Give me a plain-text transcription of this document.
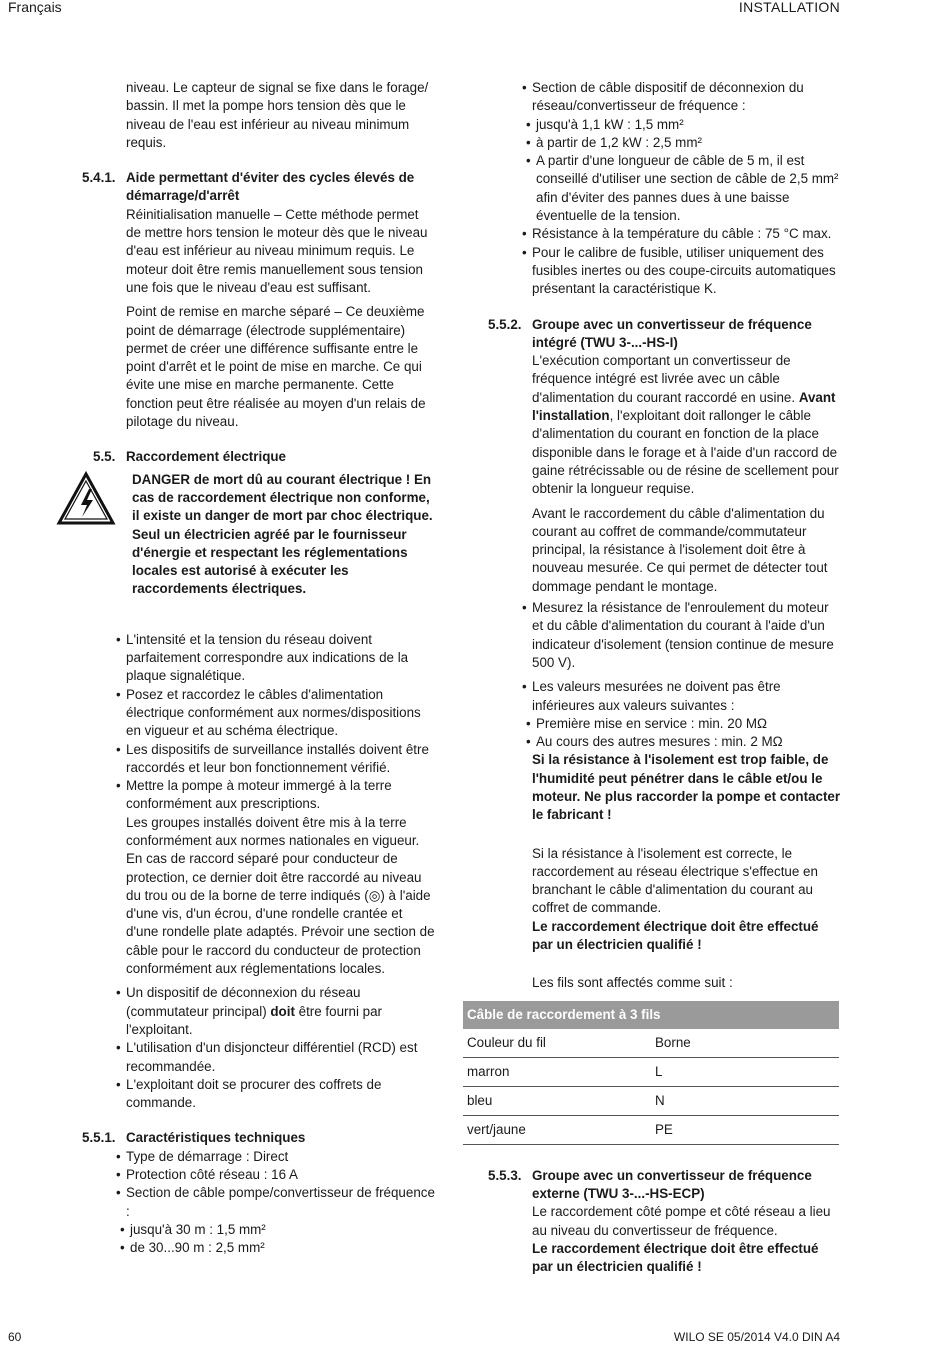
Français	INSTALLATION

niveau. Le capteur de signal se fixe dans le forage/ bassin. Il met la pompe hors tension dès que le niveau de l'eau est inférieur au niveau minimum requis.

5.4.1. Aide permettant d'éviter des cycles élevés de démarrage/d'arrêt

Réinitialisation manuelle – Cette méthode permet de mettre hors tension le moteur dès que le niveau d'eau est inférieur au niveau minimum requis. Le moteur doit être remis manuellement sous tension une fois que le niveau d'eau est suffisant.

Point de remise en marche séparé – Ce deuxième point de démarrage (électrode supplémentaire) permet de créer une différence suffisante entre le point d'arrêt et le point de mise en marche. Ce qui évite une mise en marche permanente. Cette fonction peut être réalisée au moyen d'un relais de pilotage du niveau.

5.5. Raccordement électrique
DANGER de mort dû au courant électrique ! En cas de raccordement électrique non conforme, il existe un danger de mort par choc électrique. Seul un électricien agréé par le fournisseur d'énergie et respectant les réglementations locales est autorisé à exécuter les raccordements électriques.
• L'intensité et la tension du réseau doivent parfaitement correspondre aux indications de la plaque signalétique.
• Posez et raccordez le câbles d'alimentation électrique conformément aux normes/dispositions en vigueur et au schéma électrique.
• Les dispositifs de surveillance installés doivent être raccordés et leur bon fonctionnement vérifié.
• Mettre la pompe à moteur immergé à la terre conformément aux prescriptions.
Les groupes installés doivent être mis à la terre conformément aux normes nationales en vigueur. En cas de raccord séparé pour conducteur de protection, ce dernier doit être raccordé au niveau du trou ou de la borne de terre indiqués (◎) à l'aide d'une vis, d'un écrou, d'une rondelle crantée et d'une rondelle plate adaptés. Prévoir une section de câble pour le raccord du conducteur de protection conformément aux réglementations locales.
• Un dispositif de déconnexion du réseau (commutateur principal) doit être fourni par l'exploitant.
• L'utilisation d'un disjoncteur différentiel (RCD) est recommandée.
• L'exploitant doit se procurer des coffrets de commande.
5.5.1. Caractéristiques techniques
• Type de démarrage : Direct
• Protection côté réseau : 16 A
• Section de câble pompe/convertisseur de fréquence :
• jusqu'à 30 m : 1,5 mm²
• de 30...90 m : 2,5 mm²
• Section de câble dispositif de déconnexion du réseau/convertisseur de fréquence :
• jusqu'à 1,1 kW : 1,5 mm²
• à partir de 1,2 kW : 2,5 mm²
• A partir d'une longueur de câble de 5 m, il est conseillé d'utiliser une section de câble de 2,5 mm² afin d'éviter des pannes dues à une baisse éventuelle de la tension.
• Résistance à la température du câble : 75 °C max.
• Pour le calibre de fusible, utiliser uniquement des fusibles inertes ou des coupe-circuits automatiques présentant la caractéristique K.
5.5.2. Groupe avec un convertisseur de fréquence intégré (TWU 3-...-HS-I)

L'exécution comportant un convertisseur de fréquence intégré est livrée avec un câble d'alimentation du courant raccordé en usine. Avant l'installation, l'exploitant doit rallonger le câble d'alimentation du courant en fonction de la place disponible dans le forage et à l'aide d'un raccord de gaine rétrécissable ou de résine de scellement pour obtenir la longueur requise.

Avant le raccordement du câble d'alimentation du courant au coffret de commande/commutateur principal, la résistance à l'isolement doit être à nouveau mesurée. Ce qui permet de détecter tout dommage pendant le montage.

• Mesurez la résistance de l'enroulement du moteur et du câble d'alimentation du courant à l'aide d'un indicateur d'isolement (tension continue de mesure 500 V).
• Les valeurs mesurées ne doivent pas être inférieures aux valeurs suivantes :
• Première mise en service : min. 20 MΩ
• Au cours des autres mesures : min. 2 MΩ

Si la résistance à l'isolement est trop faible, de l'humidité peut pénétrer dans le câble et/ou le moteur. Ne plus raccorder la pompe et contacter le fabricant !

Si la résistance à l'isolement est correcte, le raccordement au réseau électrique s'effectue en branchant le câble d'alimentation du courant au coffret de commande.

Le raccordement électrique doit être effectué par un électricien qualifié !

Les fils sont affectés comme suit :

Câble de raccordement à 3 fils	
Couleur du fil	Borne
marron	L
bleu	N
vert/jaune	PE
5.5.3. Groupe avec un convertisseur de fréquence externe (TWU 3-...-HS-ECP)

Le raccordement côté pompe et côté réseau a lieu au niveau du convertisseur de fréquence.

Le raccordement électrique doit être effectué par un électricien qualifié !

60	WILO SE 05/2014 V4.0 DIN A4
